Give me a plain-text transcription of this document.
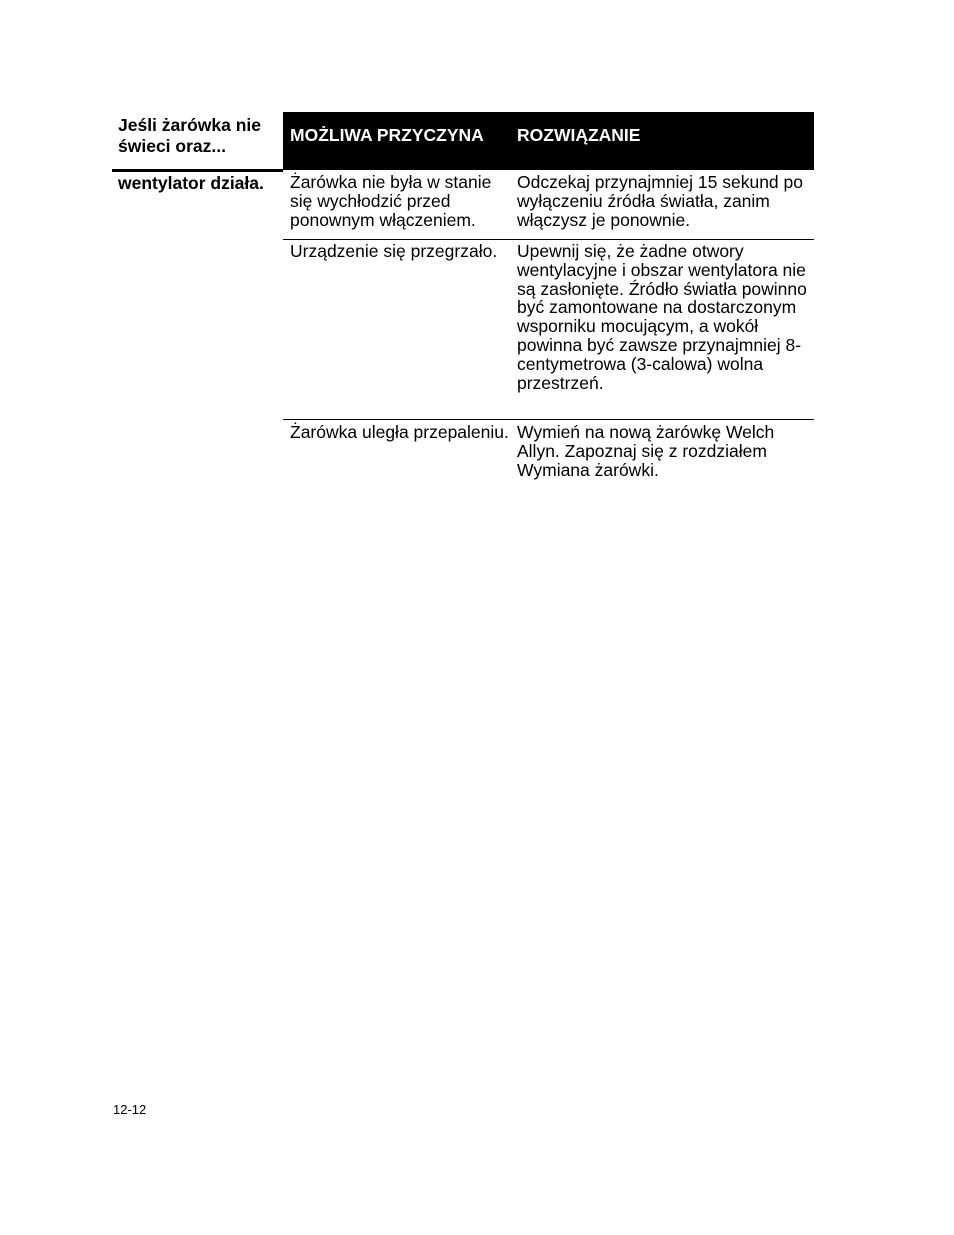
Jeśli żarówka nie
świeci oraz...
MOŻLIWA PRZYCZYNA ROZWIĄZANIE
wentylator działa. Żarówka nie była w stanie się wychłodzić przed ponownym włączeniem.
Odczekaj przynajmniej 15 sekund po wyłączeniu źródła światła, zanim włączysz je ponownie.
Urządzenie się przegrzało.	Upewnij się, że żadne otwory wentylacyjne i obszar wentylatora nie są zasłonięte. Źródło światła powinno być zamontowane na dostarczonym wsporniku mocującym, a wokół powinna być zawsze przynajmniej 8-centymetrowa (3-calowa) wolna przestrzeń.
Żarówka uległa przepaleniu. Wymień na nową żarówkę Welch Allyn. Zapoznaj się z rozdziałem Wymiana żarówki.
12-12
